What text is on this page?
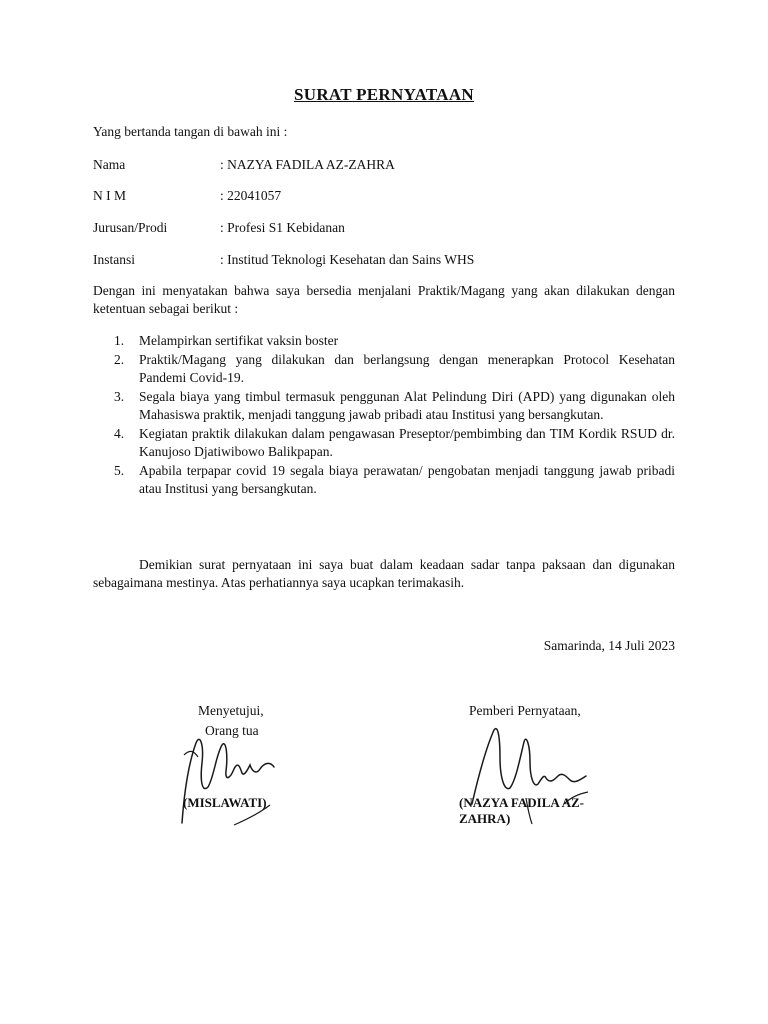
SURAT PERNYATAAN
Yang bertanda tangan di bawah ini :
Nama	: NAZYA FADILA AZ-ZAHRA
N I M	: 22041057
Jurusan/Prodi	: Profesi S1 Kebidanan
Instansi	: Institud Teknologi Kesehatan dan Sains WHS
Dengan ini menyatakan bahwa saya bersedia menjalani Praktik/Magang yang akan dilakukan dengan ketentuan sebagai berikut :
1. Melampirkan sertifikat vaksin boster
2. Praktik/Magang yang dilakukan dan berlangsung dengan menerapkan Protocol Kesehatan Pandemi Covid-19.
3. Segala biaya yang timbul termasuk penggunan Alat Pelindung Diri (APD) yang digunakan oleh Mahasiswa praktik, menjadi tanggung jawab pribadi atau Institusi yang bersangkutan.
4. Kegiatan praktik dilakukan dalam pengawasan Preseptor/pembimbing dan TIM Kordik RSUD dr. Kanujoso Djatiwibowo Balikpapan.
5. Apabila terpapar covid 19 segala biaya perawatan/ pengobatan menjadi tanggung jawab pribadi atau Institusi yang bersangkutan.
Demikian surat pernyataan ini saya buat dalam keadaan sadar tanpa paksaan dan digunakan sebagaimana mestinya. Atas perhatiannya saya ucapkan terimakasih.
Samarinda, 14 Juli 2023
Menyetujui,
Orang tua
(MISLAWATI)
Pemberi Pernyataan,
(NAZYA FADILA AZ-
ZAHRA)
